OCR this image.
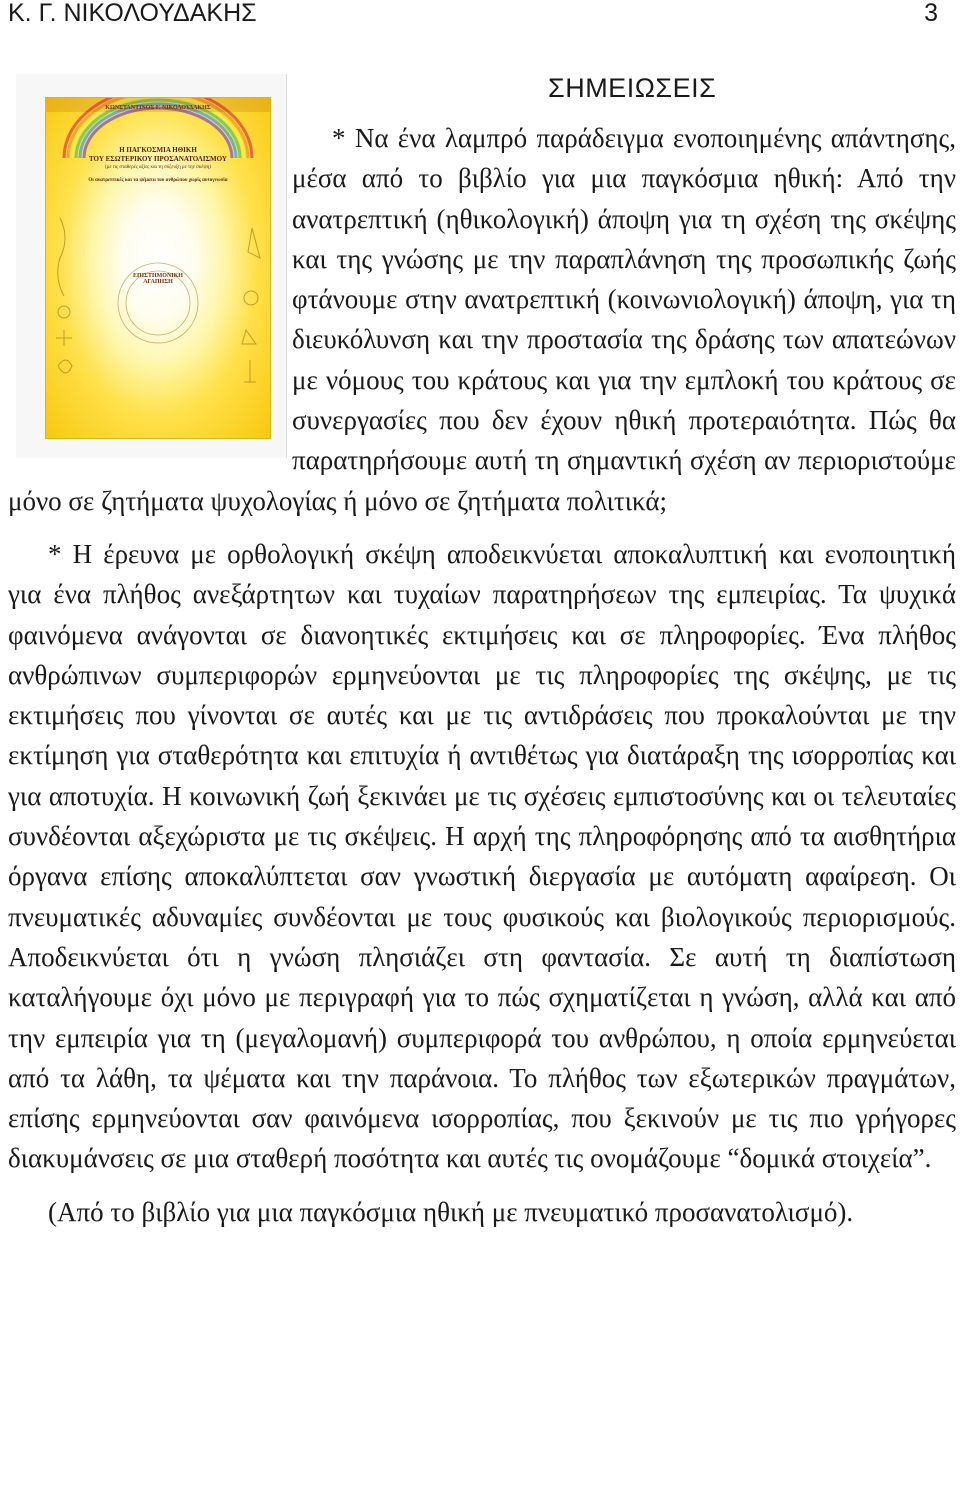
Κ. Γ. ΝΙΚΟΛΟΥΔΑΚΗΣ	3
ΣΗΜΕΙΩΣΕΙΣ
ΚΩΝΣΤΑΝΤΙΝΟΣ Γ. ΝΙΚΟΛΟΥΔΑΚΗΣ
Η ΠΑΓΚΟΣΜΙΑ ΗΘΙΚΗ
ΤΟΥ ΕΣΩΤΕΡΙΚΟΥ ΠΡΟΣΑΝΑΤΟΛΙΣΜΟΥ
(με τις σταθερές αξίες και τη σύζευξη με την σκέψη)
Οι ανατρεπτικές και τα ψέματα του ανθρώπου χωρίς αυτογνωσία
ΕΠΙΣΤΗΜΟΝΙΚΗ
ΑΓΑΠΗΣΗ

* Να ένα λαμπρό παράδειγμα ενοποιημένης απάντησης, μέσα από το βιβλίο για μια παγκόσμια ηθική: Από την ανατρεπτική (ηθικολογική) άποψη για τη σχέση της σκέψης και της γνώσης με την παραπλάνηση της προσωπικής ζωής φτάνουμε στην ανατρεπτική (κοινωνιολογική) άποψη, για τη διευκόλυνση και την προστασία της δράσης των απατεώνων με νόμους του κράτους και για την εμπλοκή του κράτους σε συνεργασίες που δεν έχουν ηθική προτεραιότητα. Πώς θα παρατηρήσουμε αυτή τη σημαντική σχέση αν περιοριστούμε μόνο σε ζητήματα ψυχολογίας ή μόνο σε ζητήματα πολιτικά;

* Η έρευνα με ορθολογική σκέψη αποδεικνύεται αποκαλυπτική και ενοποιητική για ένα πλήθος ανεξάρτητων και τυχαίων παρατηρήσεων της εμπειρίας. Τα ψυχικά φαινόμενα ανάγονται σε διανοητικές εκτιμήσεις και σε πληροφορίες. Ένα πλήθος ανθρώπινων συμπεριφορών ερμηνεύονται με τις πληροφορίες της σκέψης, με τις εκτιμήσεις που γίνονται σε αυτές και με τις αντιδράσεις που προκαλούνται με την εκτίμηση για σταθερότητα και επιτυχία ή αντιθέτως για διατάραξη της ισορροπίας και για αποτυχία. Η κοινωνική ζωή ξεκινάει με τις σχέσεις εμπιστοσύνης και οι τελευταίες συνδέονται αξεχώριστα με τις σκέψεις. Η αρχή της πληροφόρησης από τα αισθητήρια όργανα επίσης αποκαλύπτεται σαν γνωστική διεργασία με αυτόματη αφαίρεση. Οι πνευματικές αδυναμίες συνδέονται με τους φυσικούς και βιολογικούς περιορισμούς. Αποδεικνύεται ότι η γνώση πλησιάζει στη φαντασία. Σε αυτή τη διαπίστωση καταλήγουμε όχι μόνο με περιγραφή για το πώς σχηματίζεται η γνώση, αλλά και από την εμπειρία για τη (μεγαλομανή) συμπεριφορά του ανθρώπου, η οποία ερμηνεύεται από τα λάθη, τα ψέματα και την παράνοια. Το πλήθος των εξωτερικών πραγμάτων, επίσης ερμηνεύονται σαν φαινόμενα ισορροπίας, που ξεκινούν με τις πιο γρήγορες διακυμάνσεις σε μια σταθερή ποσότητα και αυτές τις ονομάζουμε “δομικά στοιχεία”.

(Από το βιβλίο για μια παγκόσμια ηθική με πνευματικό προσανατολισμό).
